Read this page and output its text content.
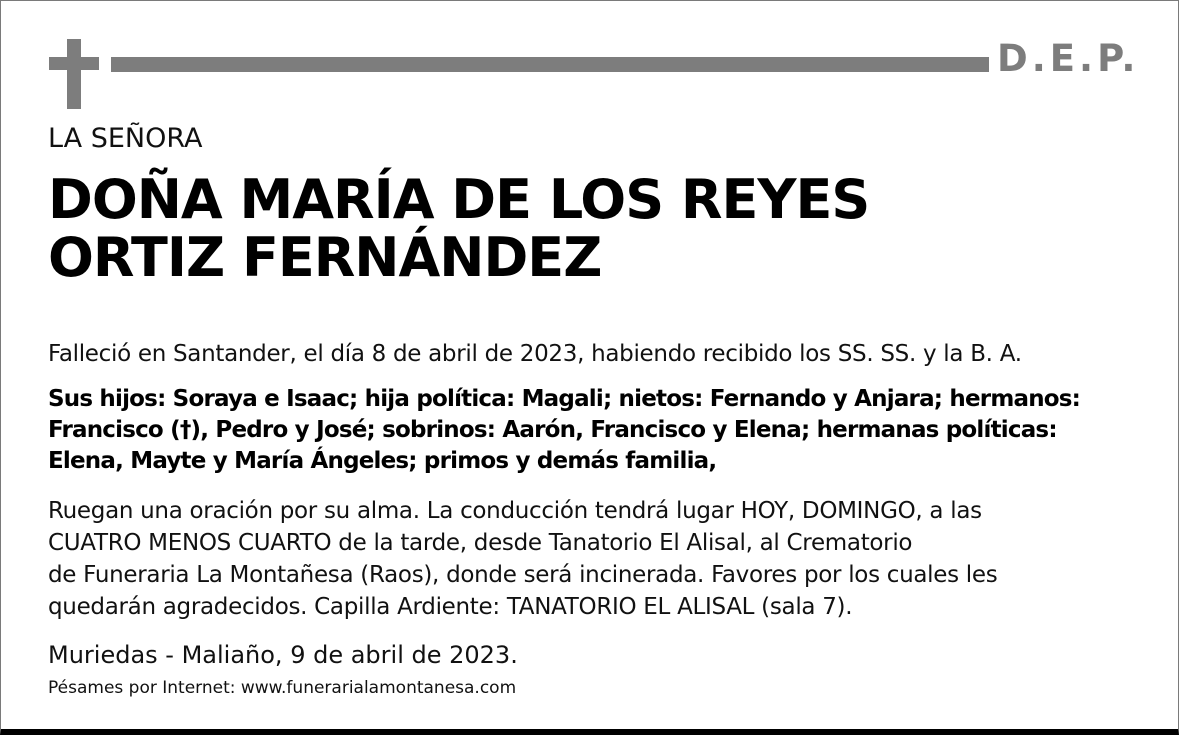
D.E.P.
LA SEÑORA
DOÑA MARÍA DE LOS REYES
ORTIZ FERNÁNDEZ
Falleció en Santander, el día 8 de abril de 2023, habiendo recibido los SS. SS. y la B. A.
Sus hijos: Soraya e Isaac; hija política: Magali; nietos: Fernando y Anjara; hermanos:
Francisco (†), Pedro y José; sobrinos: Aarón, Francisco y Elena; hermanas políticas:
Elena, Mayte y María Ángeles; primos y demás familia,
Ruegan una oración por su alma. La conducción tendrá lugar HOY, DOMINGO, a las
CUATRO MENOS CUARTO de la tarde, desde Tanatorio El Alisal, al Crematorio
de Funeraria La Montañesa (Raos), donde será incinerada. Favores por los cuales les
quedarán agradecidos. Capilla Ardiente: TANATORIO EL ALISAL (sala 7).
Muriedas - Maliaño, 9 de abril de 2023.
Pésames por Internet: www.funerarialamontanesa.com
